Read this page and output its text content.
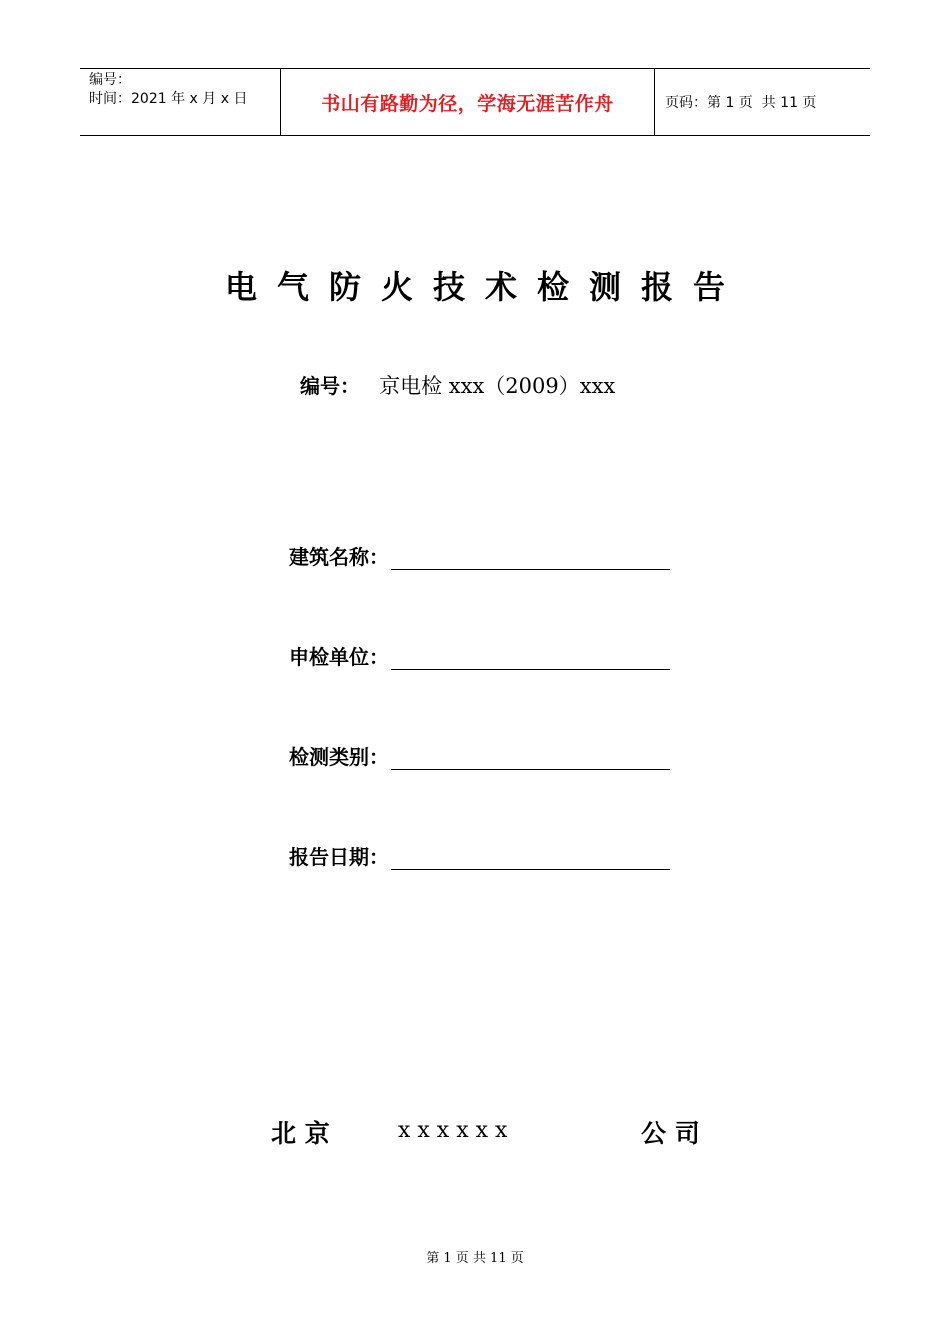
编号：
时间：2021 年 x 月 x 日	书山有路勤为径，学海无涯苦作舟	页码：第 1 页  共 11 页
电气防火技术检测报告
编号： 京电检 xxx（2009）xxx
建筑名称：
申检单位：
检测类别：
报告日期：
北 京	x x x x x x	公 司
第 1 页 共 11 页
